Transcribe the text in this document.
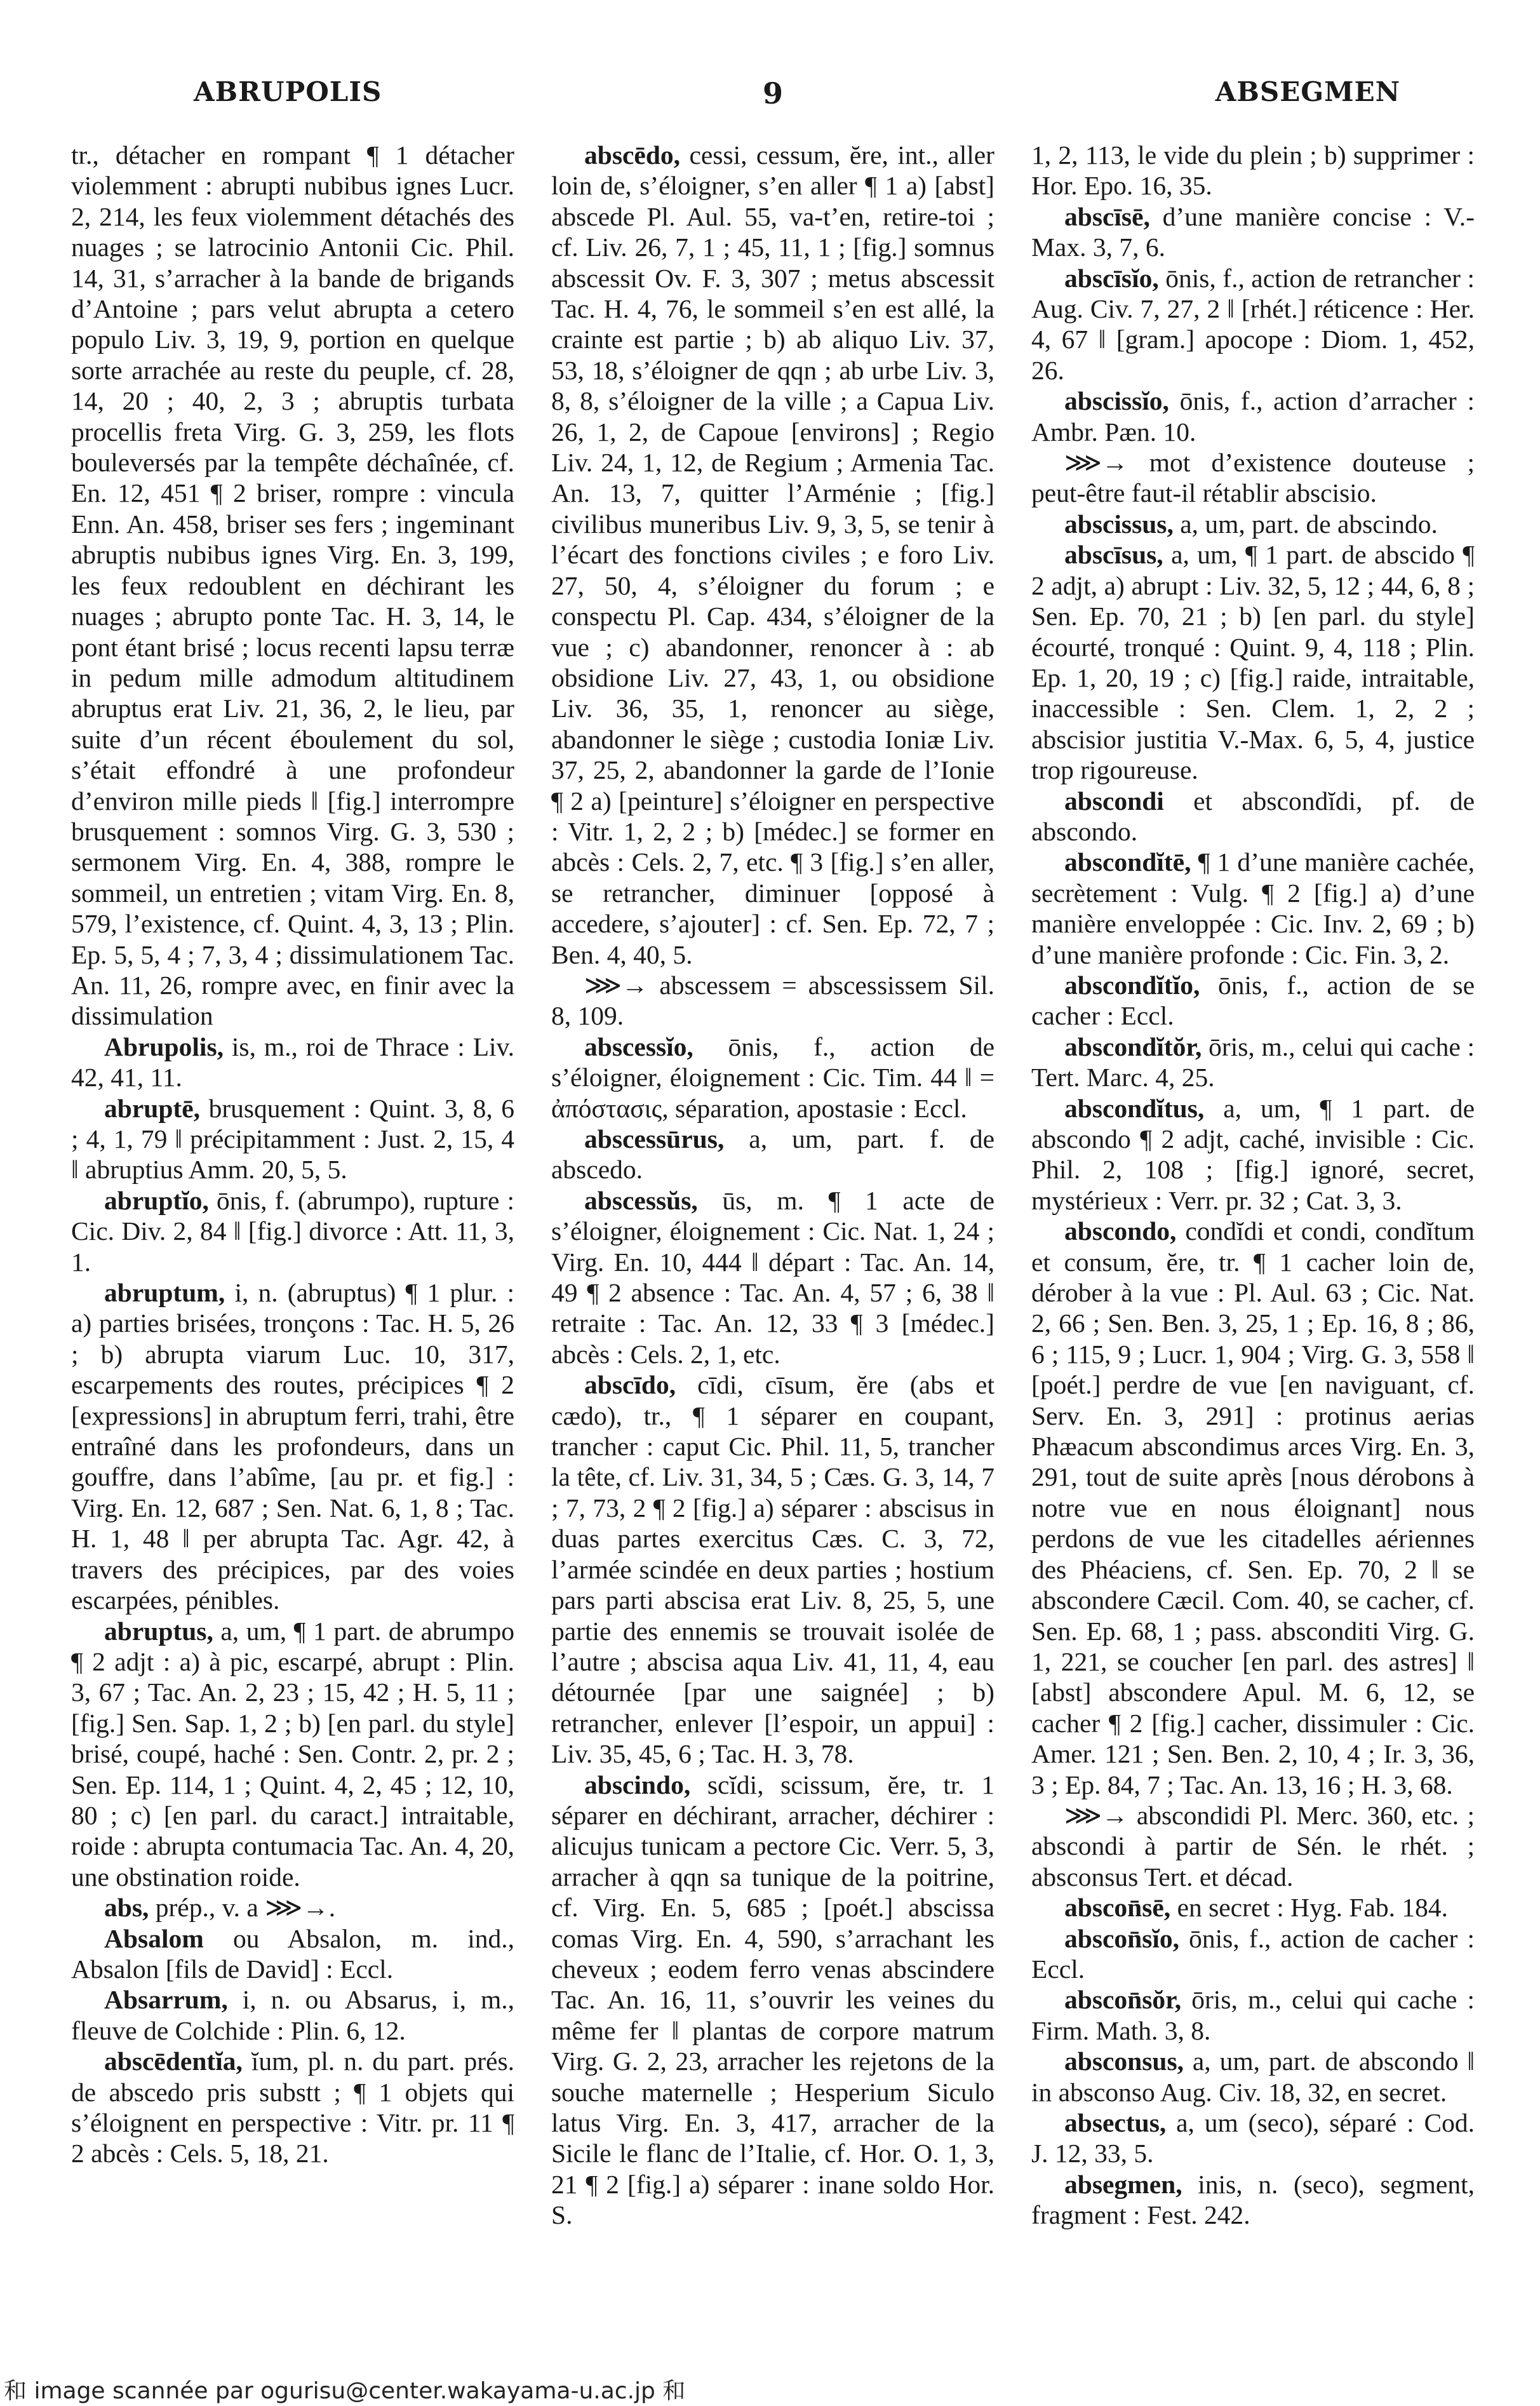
ABRUPOLIS	9	ABSEGMEN

tr., détacher en rompant ¶ 1 détacher violemment : abrupti nubibus ignes Lucr. 2, 214, les feux violemment détachés des nuages ; se latrocinio Antonii Cic. Phil. 14, 31, s’arracher à la bande de brigands d’Antoine ; pars velut abrupta a cetero populo Liv. 3, 19, 9, portion en quelque sorte arrachée au reste du peuple, cf. 28, 14, 20 ; 40, 2, 3 ; abruptis turbata procellis freta Virg. G. 3, 259, les flots bouleversés par la tempête déchaînée, cf. En. 12, 451 ¶ 2 briser, rompre : vincula Enn. An. 458, briser ses fers ; ingeminant abruptis nubibus ignes Virg. En. 3, 199, les feux redoublent en déchirant les nuages ; abrupto ponte Tac. H. 3, 14, le pont étant brisé ; locus recenti lapsu terræ in pedum mille admodum altitudinem abruptus erat Liv. 21, 36, 2, le lieu, par suite d’un récent éboulement du sol, s’était effondré à une profondeur d’environ mille pieds ‖ [fig.] interrompre brusquement : somnos Virg. G. 3, 530 ; sermonem Virg. En. 4, 388, rompre le sommeil, un entretien ; vitam Virg. En. 8, 579, l’existence, cf. Quint. 4, 3, 13 ; Plin. Ep. 5, 5, 4 ; 7, 3, 4 ; dissimulationem Tac. An. 11, 26, rompre avec, en finir avec la dissimulation

Abrupolis, is, m., roi de Thrace : Liv. 42, 41, 11.

abruptē, brusquement : Quint. 3, 8, 6 ; 4, 1, 79 ‖ précipitamment : Just. 2, 15, 4 ‖ abruptius Amm. 20, 5, 5.

abruptĭo, ōnis, f. (abrumpo), rupture : Cic. Div. 2, 84 ‖ [fig.] divorce : Att. 11, 3, 1.

abruptum, i, n. (abruptus) ¶ 1 plur. : a) parties brisées, tronçons : Tac. H. 5, 26 ; b) abrupta viarum Luc. 10, 317, escarpements des routes, précipices ¶ 2 [expressions] in abruptum ferri, trahi, être entraîné dans les profondeurs, dans un gouffre, dans l’abîme, [au pr. et fig.] : Virg. En. 12, 687 ; Sen. Nat. 6, 1, 8 ; Tac. H. 1, 48 ‖ per abrupta Tac. Agr. 42, à travers des précipices, par des voies escarpées, pénibles.

abruptus, a, um, ¶ 1 part. de abrumpo ¶ 2 adjt : a) à pic, escarpé, abrupt : Plin. 3, 67 ; Tac. An. 2, 23 ; 15, 42 ; H. 5, 11 ; [fig.] Sen. Sap. 1, 2 ; b) [en parl. du style] brisé, coupé, haché : Sen. Contr. 2, pr. 2 ; Sen. Ep. 114, 1 ; Quint. 4, 2, 45 ; 12, 10, 80 ; c) [en parl. du caract.] intraitable, roide : abrupta contumacia Tac. An. 4, 20, une obstination roide.

abs, prép., v. a ⋙→.

Absalom ou Absalon, m. ind., Absalon [fils de David] : Eccl.

Absarrum, i, n. ou Absarus, i, m., fleuve de Colchide : Plin. 6, 12.

abscēdentĭa, ĭum, pl. n. du part. prés. de abscedo pris substt ; ¶ 1 objets qui s’éloignent en perspective : Vitr. pr. 11 ¶ 2 abcès : Cels. 5, 18, 21.

abscēdo, cessi, cessum, ĕre, int., aller loin de, s’éloigner, s’en aller ¶ 1 a) [abst] abscede Pl. Aul. 55, va-t’en, retire-toi ; cf. Liv. 26, 7, 1 ; 45, 11, 1 ; [fig.] somnus abscessit Ov. F. 3, 307 ; metus abscessit Tac. H. 4, 76, le sommeil s’en est allé, la crainte est partie ; b) ab aliquo Liv. 37, 53, 18, s’éloigner de qqn ; ab urbe Liv. 3, 8, 8, s’éloigner de la ville ; a Capua Liv. 26, 1, 2, de Capoue [environs] ; Regio Liv. 24, 1, 12, de Regium ; Armenia Tac. An. 13, 7, quitter l’Arménie ; [fig.] civilibus muneribus Liv. 9, 3, 5, se tenir à l’écart des fonctions civiles ; e foro Liv. 27, 50, 4, s’éloigner du forum ; e conspectu Pl. Cap. 434, s’éloigner de la vue ; c) abandonner, renoncer à : ab obsidione Liv. 27, 43, 1, ou obsidione Liv. 36, 35, 1, renoncer au siège, abandonner le siège ; custodia Ioniæ Liv. 37, 25, 2, abandonner la garde de l’Ionie ¶ 2 a) [peinture] s’éloigner en perspective : Vitr. 1, 2, 2 ; b) [médec.] se former en abcès : Cels. 2, 7, etc. ¶ 3 [fig.] s’en aller, se retrancher, diminuer [opposé à accedere, s’ajouter] : cf. Sen. Ep. 72, 7 ; Ben. 4, 40, 5.

⋙→ abscessem = abscessissem Sil. 8, 109.

abscessĭo, ōnis, f., action de s’éloigner, éloignement : Cic. Tim. 44 ‖ = ἀπόστασις, séparation, apostasie : Eccl.

abscessūrus, a, um, part. f. de abscedo.

abscessŭs, ūs, m. ¶ 1 acte de s’éloigner, éloignement : Cic. Nat. 1, 24 ; Virg. En. 10, 444 ‖ départ : Tac. An. 14, 49 ¶ 2 absence : Tac. An. 4, 57 ; 6, 38 ‖ retraite : Tac. An. 12, 33 ¶ 3 [médec.] abcès : Cels. 2, 1, etc.

abscīdo, cīdi, cīsum, ĕre (abs et cædo), tr., ¶ 1 séparer en coupant, trancher : caput Cic. Phil. 11, 5, trancher la tête, cf. Liv. 31, 34, 5 ; Cæs. G. 3, 14, 7 ; 7, 73, 2 ¶ 2 [fig.] a) séparer : abscisus in duas partes exercitus Cæs. C. 3, 72, l’armée scindée en deux parties ; hostium pars parti abscisa erat Liv. 8, 25, 5, une partie des ennemis se trouvait isolée de l’autre ; abscisa aqua Liv. 41, 11, 4, eau détournée [par une saignée] ; b) retrancher, enlever [l’espoir, un appui] : Liv. 35, 45, 6 ; Tac. H. 3, 78.

abscindo, scĭdi, scissum, ĕre, tr. 1 séparer en déchirant, arracher, déchirer : alicujus tunicam a pectore Cic. Verr. 5, 3, arracher à qqn sa tunique de la poitrine, cf. Virg. En. 5, 685 ; [poét.] abscissa comas Virg. En. 4, 590, s’arrachant les cheveux ; eodem ferro venas abscindere Tac. An. 16, 11, s’ouvrir les veines du même fer ‖ plantas de corpore matrum Virg. G. 2, 23, arracher les rejetons de la souche maternelle ; Hesperium Siculo latus Virg. En. 3, 417, arracher de la Sicile le flanc de l’Italie, cf. Hor. O. 1, 3, 21 ¶ 2 [fig.] a) séparer : inane soldo Hor. S.

1, 2, 113, le vide du plein ; b) supprimer : Hor. Epo. 16, 35.

abscīsē, d’une manière concise : V.-Max. 3, 7, 6.

abscīsĭo, ōnis, f., action de retrancher : Aug. Civ. 7, 27, 2 ‖ [rhét.] réticence : Her. 4, 67 ‖ [gram.] apocope : Diom. 1, 452, 26.

abscissĭo, ōnis, f., action d’arracher : Ambr. Pæn. 10.

⋙→ mot d’existence douteuse ; peut-être faut-il rétablir abscisio.

abscissus, a, um, part. de abscindo.

abscīsus, a, um, ¶ 1 part. de abscido ¶ 2 adjt, a) abrupt : Liv. 32, 5, 12 ; 44, 6, 8 ; Sen. Ep. 70, 21 ; b) [en parl. du style] écourté, tronqué : Quint. 9, 4, 118 ; Plin. Ep. 1, 20, 19 ; c) [fig.] raide, intraitable, inaccessible : Sen. Clem. 1, 2, 2 ; abscisior justitia V.-Max. 6, 5, 4, justice trop rigoureuse.

abscondi et abscondĭdi, pf. de abscondo.

abscondĭtē, ¶ 1 d’une manière cachée, secrètement : Vulg. ¶ 2 [fig.] a) d’une manière enveloppée : Cic. Inv. 2, 69 ; b) d’une manière profonde : Cic. Fin. 3, 2.

abscondĭtĭo, ōnis, f., action de se cacher : Eccl.

abscondĭtŏr, ōris, m., celui qui cache : Tert. Marc. 4, 25.

abscondĭtus, a, um, ¶ 1 part. de abscondo ¶ 2 adjt, caché, invisible : Cic. Phil. 2, 108 ; [fig.] ignoré, secret, mystérieux : Verr. pr. 32 ; Cat. 3, 3.

abscondo, condĭdi et condi, condĭtum et consum, ĕre, tr. ¶ 1 cacher loin de, dérober à la vue : Pl. Aul. 63 ; Cic. Nat. 2, 66 ; Sen. Ben. 3, 25, 1 ; Ep. 16, 8 ; 86, 6 ; 115, 9 ; Lucr. 1, 904 ; Virg. G. 3, 558 ‖ [poét.] perdre de vue [en naviguant, cf. Serv. En. 3, 291] : protinus aerias Phæacum abscondimus arces Virg. En. 3, 291, tout de suite après [nous dérobons à notre vue en nous éloignant] nous perdons de vue les citadelles aériennes des Phéaciens, cf. Sen. Ep. 70, 2 ‖ se abscondere Cæcil. Com. 40, se cacher, cf. Sen. Ep. 68, 1 ; pass. absconditi Virg. G. 1, 221, se coucher [en parl. des astres] ‖ [abst] abscondere Apul. M. 6, 12, se cacher ¶ 2 [fig.] cacher, dissimuler : Cic. Amer. 121 ; Sen. Ben. 2, 10, 4 ; Ir. 3, 36, 3 ; Ep. 84, 7 ; Tac. An. 13, 16 ; H. 3, 68.

⋙→ abscondidi Pl. Merc. 360, etc. ; abscondi à partir de Sén. le rhét. ; absconsus Tert. et décad.

abscon̄sē, en secret : Hyg. Fab. 184.

abscon̄sĭo, ōnis, f., action de cacher : Eccl.

abscon̄sŏr, ōris, m., celui qui cache : Firm. Math. 3, 8.

absconsus, a, um, part. de abscondo ‖ in absconso Aug. Civ. 18, 32, en secret.

absectus, a, um (seco), séparé : Cod. J. 12, 33, 5.

absegmen, inis, n. (seco), segment, fragment : Fest. 242.

和 image scannée par ogurisu@center.wakayama-u.ac.jp 和
